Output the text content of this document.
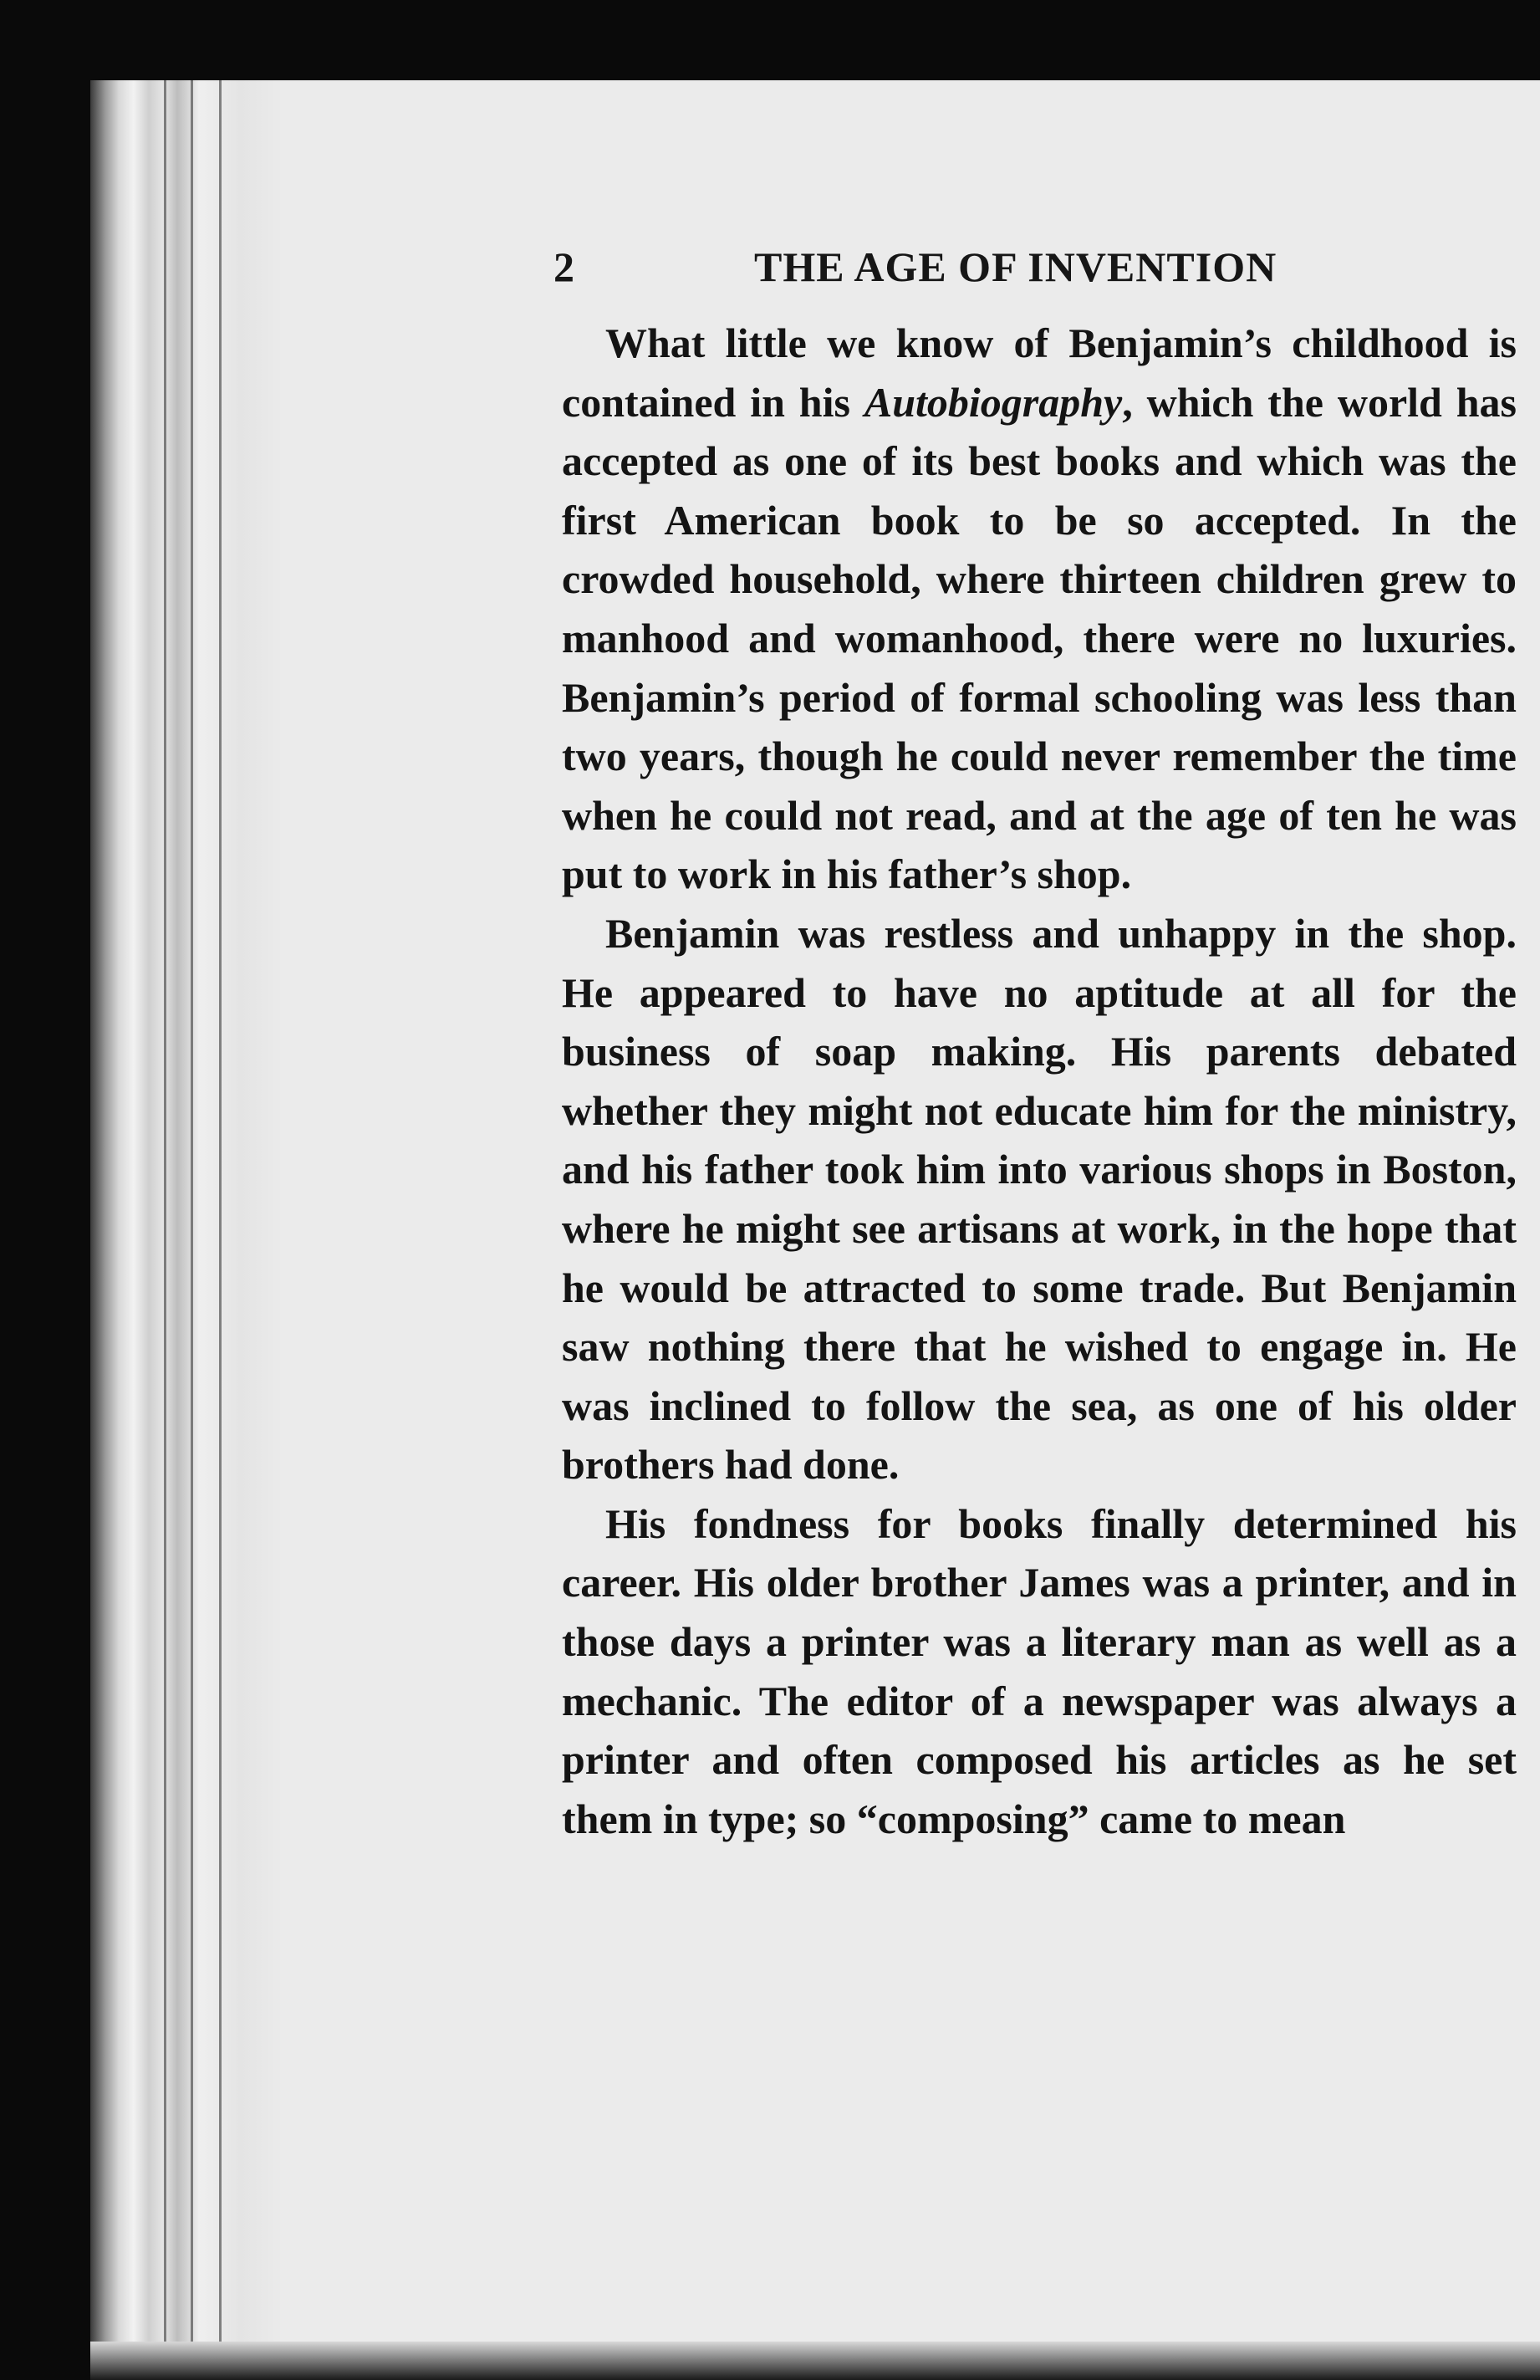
2	THE AGE OF INVENTION

What little we know of Benjamin’s childhood is contained in his Autobiography, which the world has accepted as one of its best books and which was the first American book to be so accepted. In the crowded household, where thirteen children grew to manhood and womanhood, there were no luxuries. Benjamin’s period of formal schooling was less than two years, though he could never remember the time when he could not read, and at the age of ten he was put to work in his father’s shop.

Benjamin was restless and unhappy in the shop. He appeared to have no aptitude at all for the business of soap making. His parents debated whether they might not educate him for the ministry, and his father took him into various shops in Boston, where he might see artisans at work, in the hope that he would be attracted to some trade. But Benjamin saw nothing there that he wished to engage in. He was inclined to follow the sea, as one of his older brothers had done.

His fondness for books finally determined his career. His older brother James was a printer, and in those days a printer was a literary man as well as a mechanic. The editor of a newspaper was always a printer and often composed his articles as he set them in type; so “composing” came to mean
